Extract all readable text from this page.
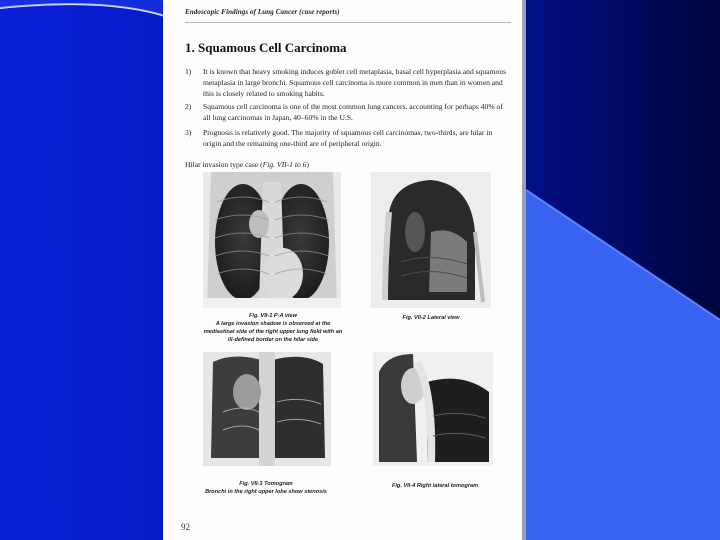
Endoscopic Findings of Lung Cancer (case reports)
1. Squamous Cell Carcinoma
1) It is known that heavy smoking induces goblet cell metaplasia, basal cell hyperplasia and squamous metaplasia in large bronchi. Squamous cell carcinoma is more common in men than in women and this is closely related to smoking habits.
2) Squamous cell carcinoma is one of the most common lung cancers, accounting for perhaps 40% of all lung carcinomas in Japan, 40–60% in the U.S.
3) Prognosis is relatively good. The majority of squamous cell carcinomas, two-thirds, are hilar in origin and the remaining one-third are of peripheral origin.
Hilar invasion type case (Fig. VII-1 to 6)
Fig. VII-1 P-A view
A large invasion shadow is observed at the mediastinal side of the right upper lung field with an ill-defined border on the hilar side
Fig. VII-2 Lateral view
Fig. VII-3 Tomogram
Bronchi in the right upper lobe show stenosis
Fig. VII-4 Right lateral tomogram
92
